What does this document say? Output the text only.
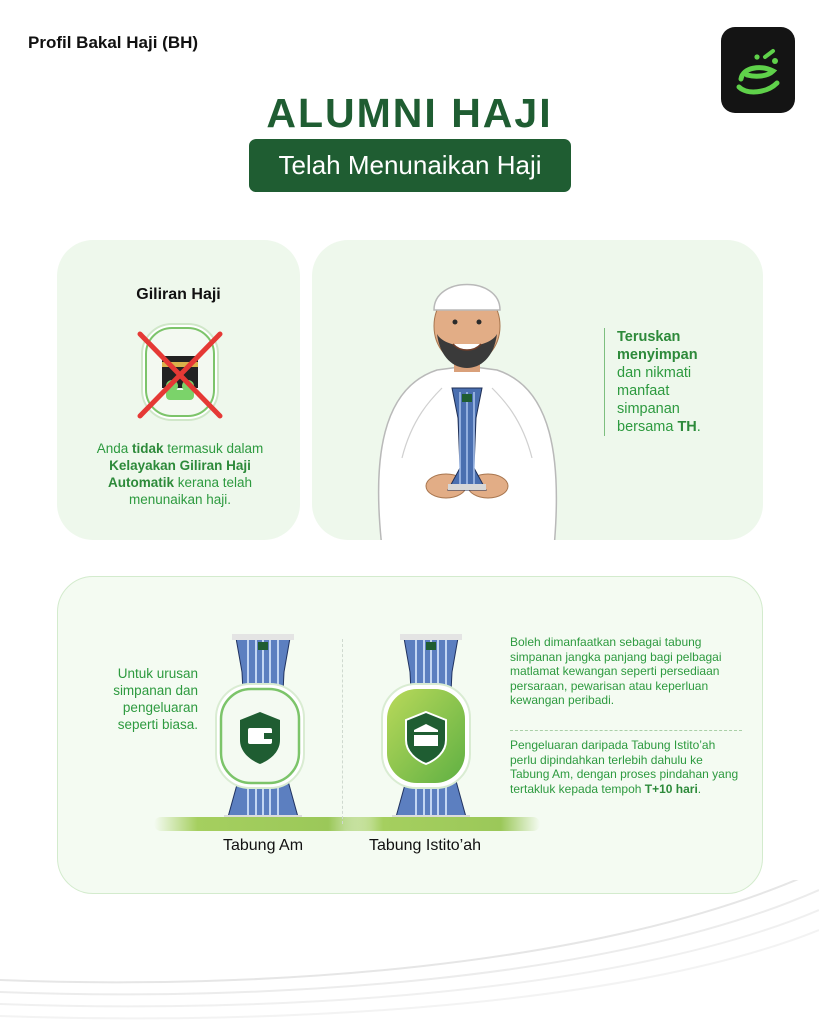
Profil Bakal Haji (BH)
ALUMNI HAJI
Telah Menunaikan Haji
Giliran Haji
Anda tidak termasuk dalam Kelayakan Giliran Haji Automatik kerana telah menunaikan haji.
Teruskan menyimpan dan nikmati manfaat simpanan bersama TH.
Untuk urusan simpanan dan pengeluaran seperti biasa.
Tabung Am	Tabung Istito’ah
Boleh dimanfaatkan sebagai tabung simpanan jangka panjang bagi pelbagai matlamat kewangan seperti persediaan persaraan, pewarisan atau keperluan kewangan peribadi.
Pengeluaran daripada Tabung Istito’ah perlu dipindahkan terlebih dahulu ke Tabung Am, dengan proses pindahan yang tertakluk kepada tempoh T+10 hari.
